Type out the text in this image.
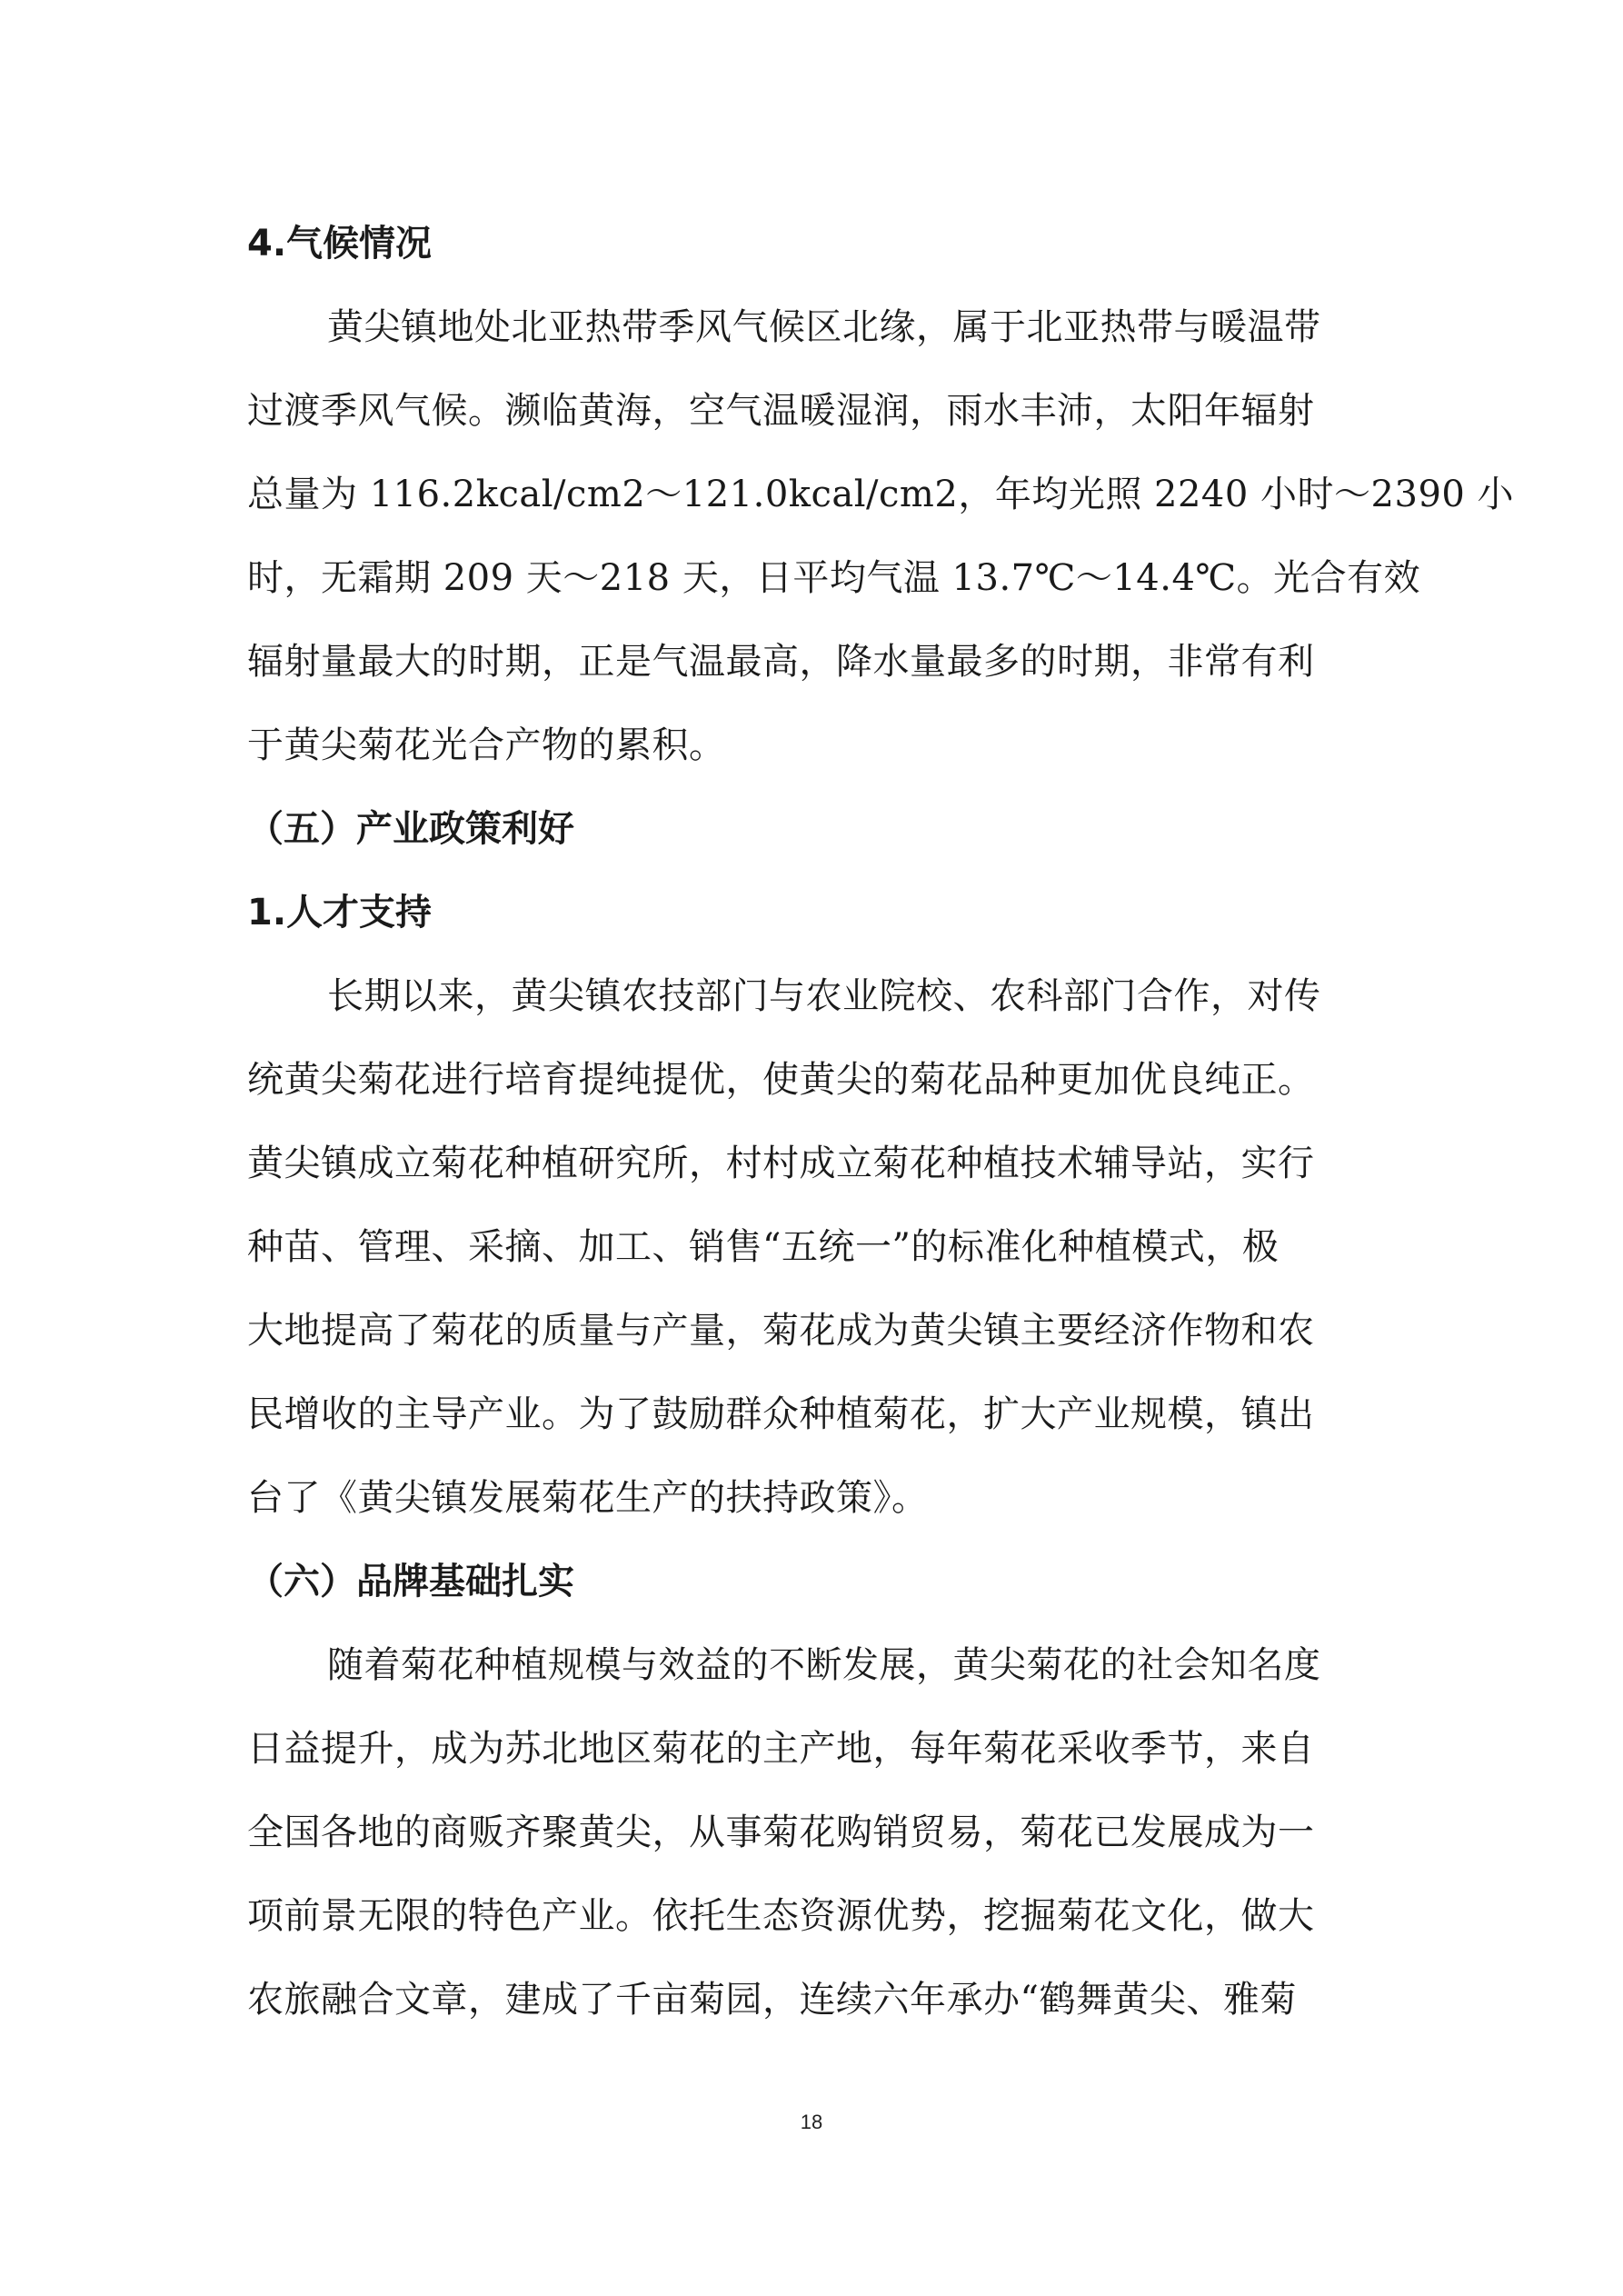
4.气候情况

黄尖镇地处北亚热带季风气候区北缘，属于北亚热带与暖温带
过渡季风气候。濒临黄海，空气温暖湿润，雨水丰沛，太阳年辐射
总量为 116.2kcal/cm2～121.0kcal/cm2，年均光照 2240 小时～2390 小
时，无霜期 209 天～218 天，日平均气温 13.7℃～14.4℃。光合有效
辐射量最大的时期，正是气温最高，降水量最多的时期，非常有利
于黄尖菊花光合产物的累积。

（五）产业政策利好
1.人才支持

长期以来，黄尖镇农技部门与农业院校、农科部门合作，对传
统黄尖菊花进行培育提纯提优，使黄尖的菊花品种更加优良纯正。
黄尖镇成立菊花种植研究所，村村成立菊花种植技术辅导站，实行
种苗、管理、采摘、加工、销售“五统一”的标准化种植模式，极
大地提高了菊花的质量与产量，菊花成为黄尖镇主要经济作物和农
民增收的主导产业。为了鼓励群众种植菊花，扩大产业规模，镇出
台了《黄尖镇发展菊花生产的扶持政策》。

（六）品牌基础扎实

随着菊花种植规模与效益的不断发展，黄尖菊花的社会知名度
日益提升，成为苏北地区菊花的主产地，每年菊花采收季节，来自
全国各地的商贩齐聚黄尖，从事菊花购销贸易，菊花已发展成为一
项前景无限的特色产业。依托生态资源优势，挖掘菊花文化，做大
农旅融合文章，建成了千亩菊园，连续六年承办“鹤舞黄尖、雅菊

18
